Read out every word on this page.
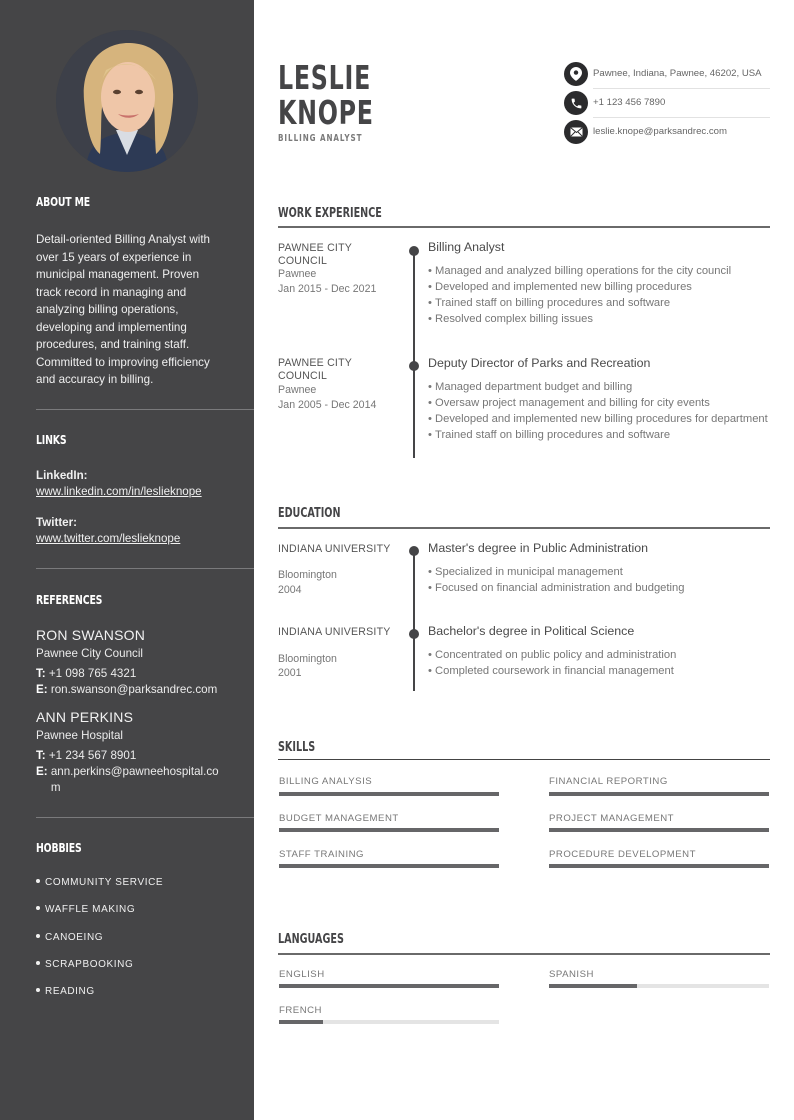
ABOUT ME

Detail-oriented Billing Analyst with over 15 years of experience in municipal management. Proven track record in managing and analyzing billing operations, developing and implementing procedures, and training staff. Committed to improving efficiency and accuracy in billing.

LINKS
LinkedIn:
www.linkedin.com/in/leslieknope
Twitter:
www.twitter.com/leslieknope
REFERENCES
RON SWANSON
Pawnee City Council
T: +1 098 765 4321
E: ron.swanson@parksandrec.com
ANN PERKINS
Pawnee Hospital
T: +1 234 567 8901
E: ann.perkins@pawneehospital.com
HOBBIES
COMMUNITY SERVICE
WAFFLE MAKING
CANOEING
SCRAPBOOKING
READING
LESLIE
KNOPE
BILLING ANALYST
Pawnee, Indiana, Pawnee, 46202, USA
+1 123 456 7890
leslie.knope@parksandrec.com
WORK EXPERIENCE
PAWNEE CITY COUNCIL
Pawnee
Jan 2015 - Dec 2021
Billing Analyst
• Managed and analyzed billing operations for the city council
• Developed and implemented new billing procedures
• Trained staff on billing procedures and software
• Resolved complex billing issues
PAWNEE CITY COUNCIL
Pawnee
Jan 2005 - Dec 2014
Deputy Director of Parks and Recreation
• Managed department budget and billing
• Oversaw project management and billing for city events
• Developed and implemented new billing procedures for department
• Trained staff on billing procedures and software
EDUCATION
INDIANA UNIVERSITY
Bloomington
2004
Master's degree in Public Administration
• Specialized in municipal management
• Focused on financial administration and budgeting
INDIANA UNIVERSITY
Bloomington
2001
Bachelor's degree in Political Science
• Concentrated on public policy and administration
• Completed coursework in financial management
SKILLS
BILLING ANALYSIS	FINANCIAL REPORTING
BUDGET MANAGEMENT	PROJECT MANAGEMENT
STAFF TRAINING	PROCEDURE DEVELOPMENT
LANGUAGES
ENGLISH	SPANISH
FRENCH
